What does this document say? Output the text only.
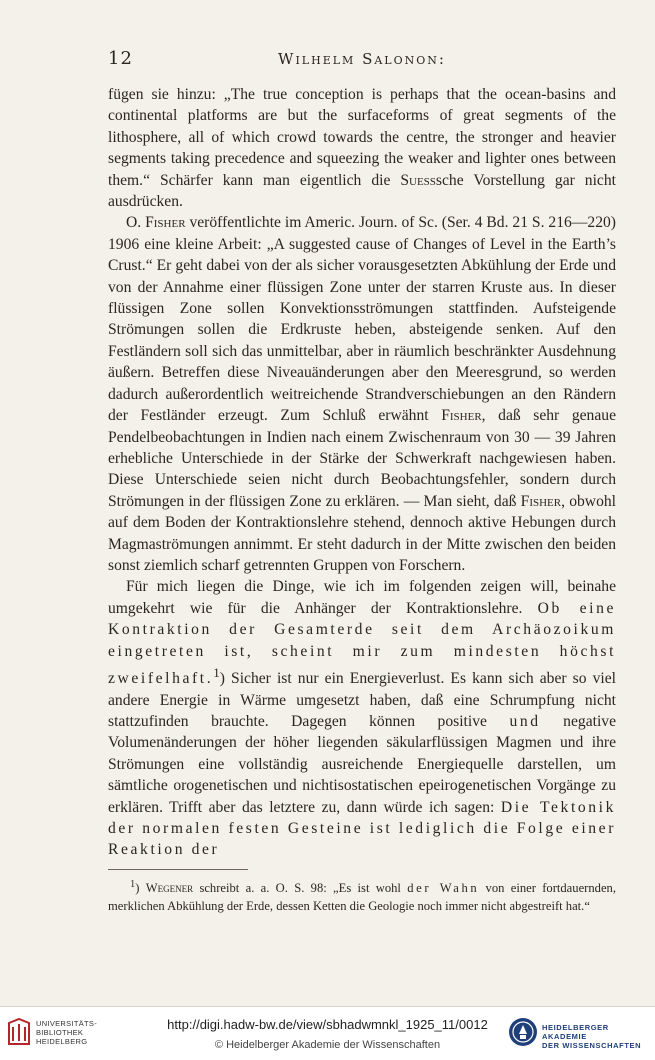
12	Wilhelm Salonon:

fügen sie hinzu: „The true conception is perhaps that the ocean-basins and continental platforms are but the surfaceforms of great segments of the lithosphere, all of which crowd towards the centre, the stronger and heavier segments taking precedence and squeezing the weaker and lighter ones between them.“ Schärfer kann man eigentlich die Suesssche Vorstellung gar nicht ausdrücken.

O. Fisher veröffentlichte im Americ. Journ. of Sc. (Ser. 4 Bd. 21 S. 216—220) 1906 eine kleine Arbeit: „A suggested cause of Changes of Level in the Earth’s Crust.“ Er geht dabei von der als sicher vorausgesetzten Abkühlung der Erde und von der Annahme einer flüssigen Zone unter der starren Kruste aus. In dieser flüssigen Zone sollen Konvektionsströmungen stattfinden. Aufsteigende Strömungen sollen die Erdkruste heben, absteigende senken. Auf den Festländern soll sich das unmittelbar, aber in räumlich beschränkter Ausdehnung äußern. Betreffen diese Niveauänderungen aber den Meeresgrund, so werden dadurch außerordentlich weitreichende Strandverschiebungen an den Rändern der Festländer erzeugt. Zum Schluß erwähnt Fisher, daß sehr genaue Pendelbeobachtungen in Indien nach einem Zwischenraum von 30 — 39 Jahren erhebliche Unterschiede in der Stärke der Schwerkraft nachgewiesen haben. Diese Unterschiede seien nicht durch Beobachtungsfehler, sondern durch Strömungen in der flüssigen Zone zu erklären. — Man sieht, daß Fisher, obwohl auf dem Boden der Kontraktionslehre stehend, dennoch aktive Hebungen durch Magmaströmungen annimmt. Er steht dadurch in der Mitte zwischen den beiden sonst ziemlich scharf getrennten Gruppen von Forschern.

Für mich liegen die Dinge, wie ich im folgenden zeigen will, beinahe umgekehrt wie für die Anhänger der Kontraktionslehre. Ob eine Kontraktion der Gesamterde seit dem Archäozoikum eingetreten ist, scheint mir zum mindesten höchst zweifelhaft.$^1$) Sicher ist nur ein Energieverlust. Es kann sich aber so viel andere Energie in Wärme umgesetzt haben, daß eine Schrumpfung nicht stattzufinden brauchte. Dagegen können positive und negative Volumenänderungen der höher liegenden säkularflüssigen Magmen und ihre Strömungen eine vollständig ausreichende Energiequelle darstellen, um sämtliche orogenetischen und nichtisostatischen epeirogenetischen Vorgänge zu erklären. Trifft aber das letztere zu, dann würde ich sagen: Die Tektonik der normalen festen Gesteine ist lediglich die Folge einer Reaktion der

$^1$) Wegener schreibt a. a. O. S. 98: „Es ist wohl der Wahn von einer fortdauernden, merklichen Abkühlung der Erde, dessen Ketten die Geologie noch immer nicht abgestreift hat.“

UNIVERSITÄTS-
BIBLIOTHEK
HEIDELBERG
http://digi.hadw-bw.de/view/sbhadwmnkl_1925_11/0012
© Heidelberger Akademie der Wissenschaften
HEIDELBERGER AKADEMIE
DER WISSENSCHAFTEN
